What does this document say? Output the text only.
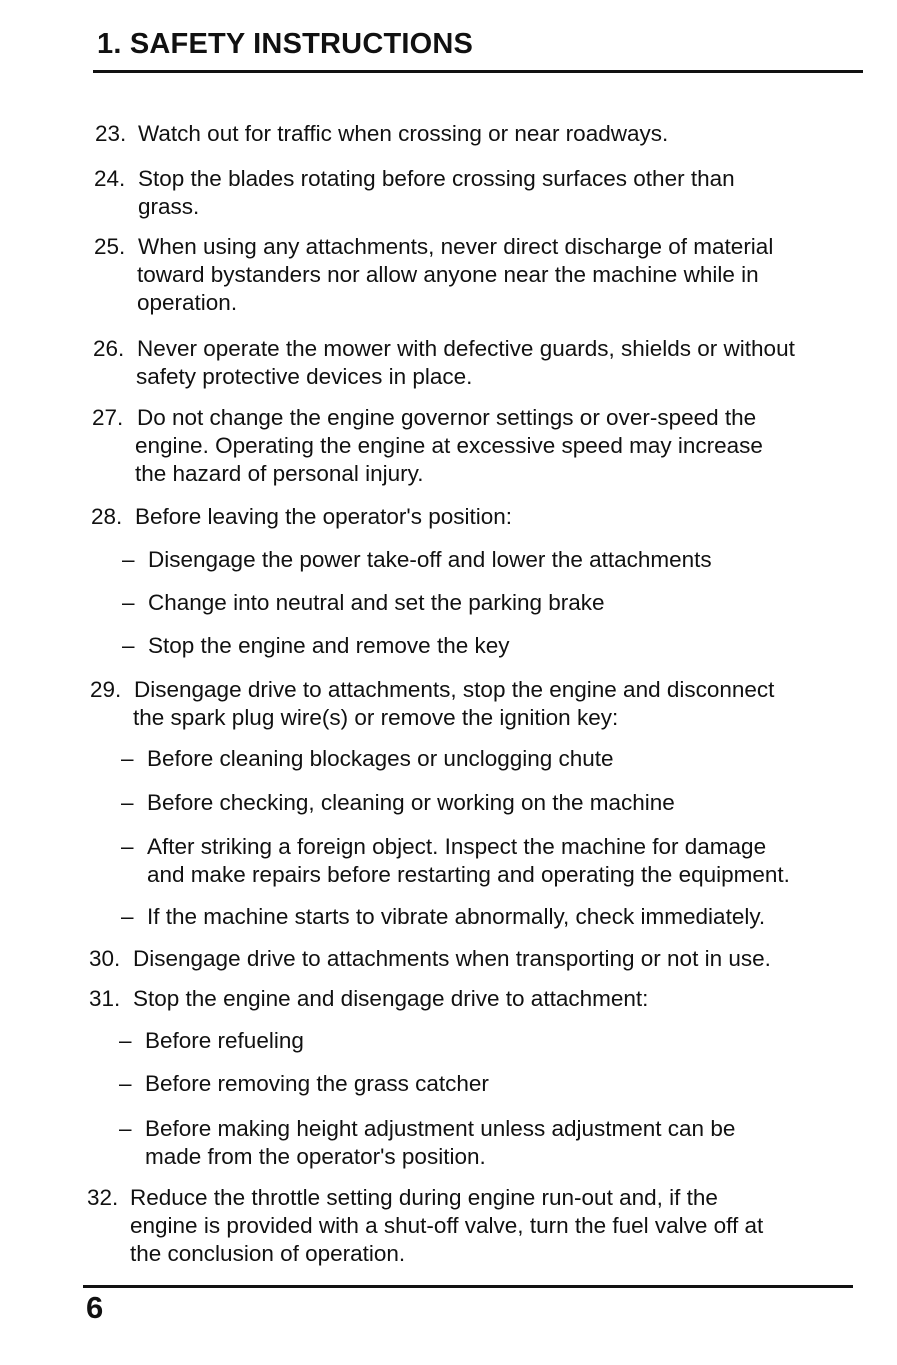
1. SAFETY INSTRUCTIONS
23. Watch out for traffic when crossing or near roadways.
24. Stop the blades rotating before crossing surfaces other than
grass.
25. When using any attachments, never direct discharge of material
toward bystanders nor allow anyone near the machine while in
operation.
26. Never operate the mower with defective guards, shields or without
safety protective devices in place.
27. Do not change the engine governor settings or over-speed the
engine. Operating the engine at excessive speed may increase
the hazard of personal injury.
28. Before leaving the operator's position:
– Disengage the power take-off and lower the attachments
– Change into neutral and set the parking brake
– Stop the engine and remove the key
29. Disengage drive to attachments, stop the engine and disconnect
the spark plug wire(s) or remove the ignition key:
– Before cleaning blockages or unclogging chute
– Before checking, cleaning or working on the machine
– After striking a foreign object. Inspect the machine for damage
and make repairs before restarting and operating the equipment.
– If the machine starts to vibrate abnormally, check immediately.
30. Disengage drive to attachments when transporting or not in use.
31. Stop the engine and disengage drive to attachment:
– Before refueling
– Before removing the grass catcher
– Before making height adjustment unless adjustment can be
made from the operator's position.
32. Reduce the throttle setting during engine run-out and, if the
engine is provided with a shut-off valve, turn the fuel valve off at
the conclusion of operation.
6
